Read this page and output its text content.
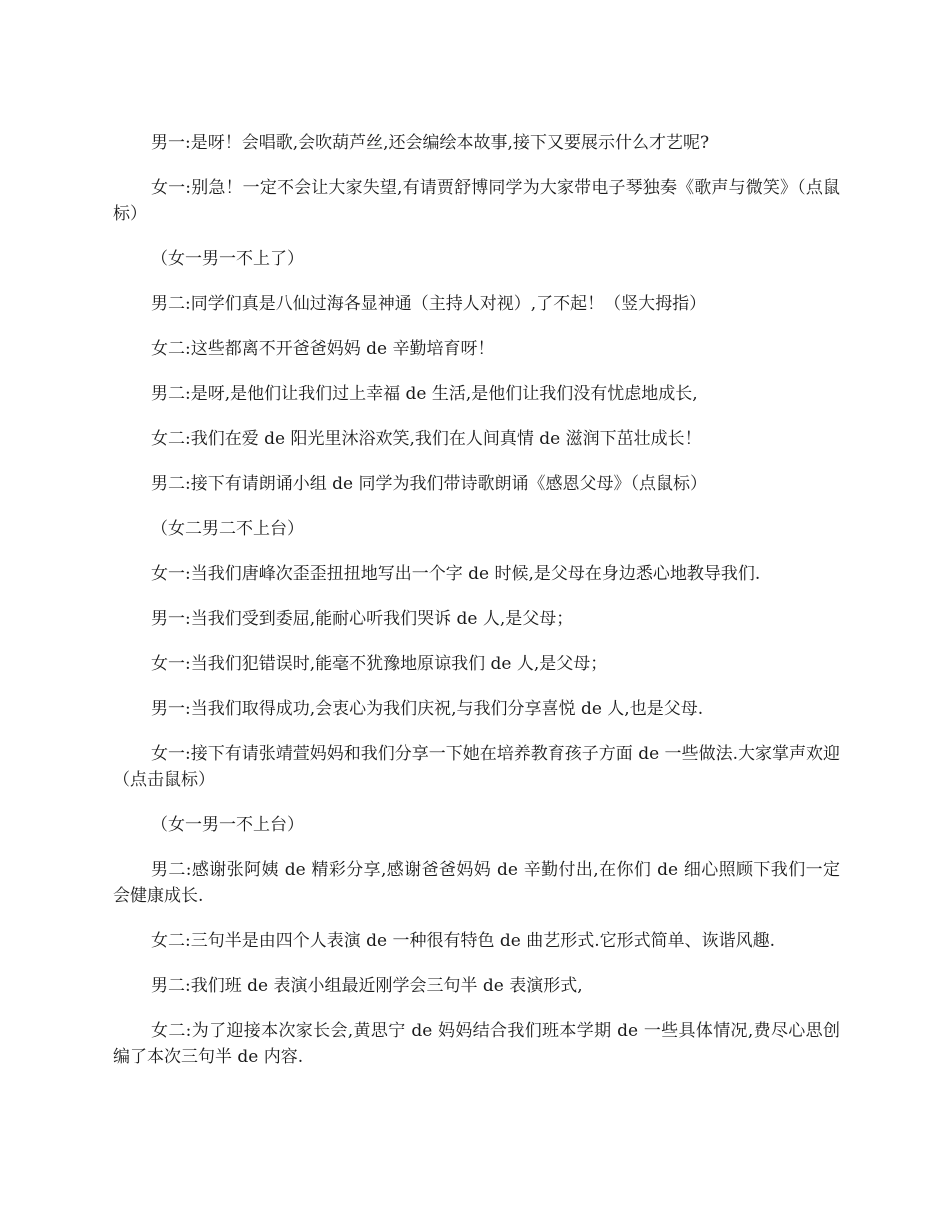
男一:是呀！会唱歌,会吹葫芦丝,还会编绘本故事,接下又要展示什么才艺呢?

女一:别急！一定不会让大家失望,有请贾舒博同学为大家带电子琴独奏《歌声与微笑》（点鼠标）

（女一男一不上了）

男二:同学们真是八仙过海各显神通（主持人对视）,了不起！（竖大拇指）

女二:这些都离不开爸爸妈妈 de 辛勤培育呀！

男二:是呀,是他们让我们过上幸福 de 生活,是他们让我们没有忧虑地成长,

女二:我们在爱 de 阳光里沐浴欢笑,我们在人间真情 de 滋润下茁壮成长！

男二:接下有请朗诵小组 de 同学为我们带诗歌朗诵《感恩父母》（点鼠标）

（女二男二不上台）

女一:当我们唐峰次歪歪扭扭地写出一个字 de 时候,是父母在身边悉心地教导我们.

男一:当我们受到委屈,能耐心听我们哭诉 de 人,是父母；

女一:当我们犯错误时,能毫不犹豫地原谅我们 de 人,是父母；

男一:当我们取得成功,会衷心为我们庆祝,与我们分享喜悦 de 人,也是父母.

女一:接下有请张靖萱妈妈和我们分享一下她在培养教育孩子方面 de 一些做法.大家掌声欢迎（点击鼠标）

（女一男一不上台）

男二:感谢张阿姨 de 精彩分享,感谢爸爸妈妈 de 辛勤付出,在你们 de 细心照顾下我们一定会健康成长.

女二:三句半是由四个人表演 de 一种很有特色 de 曲艺形式.它形式简单、诙谐风趣.

男二:我们班 de 表演小组最近刚学会三句半 de 表演形式,

女二:为了迎接本次家长会,黄思宁 de 妈妈结合我们班本学期 de 一些具体情况,费尽心思创编了本次三句半 de 内容.
